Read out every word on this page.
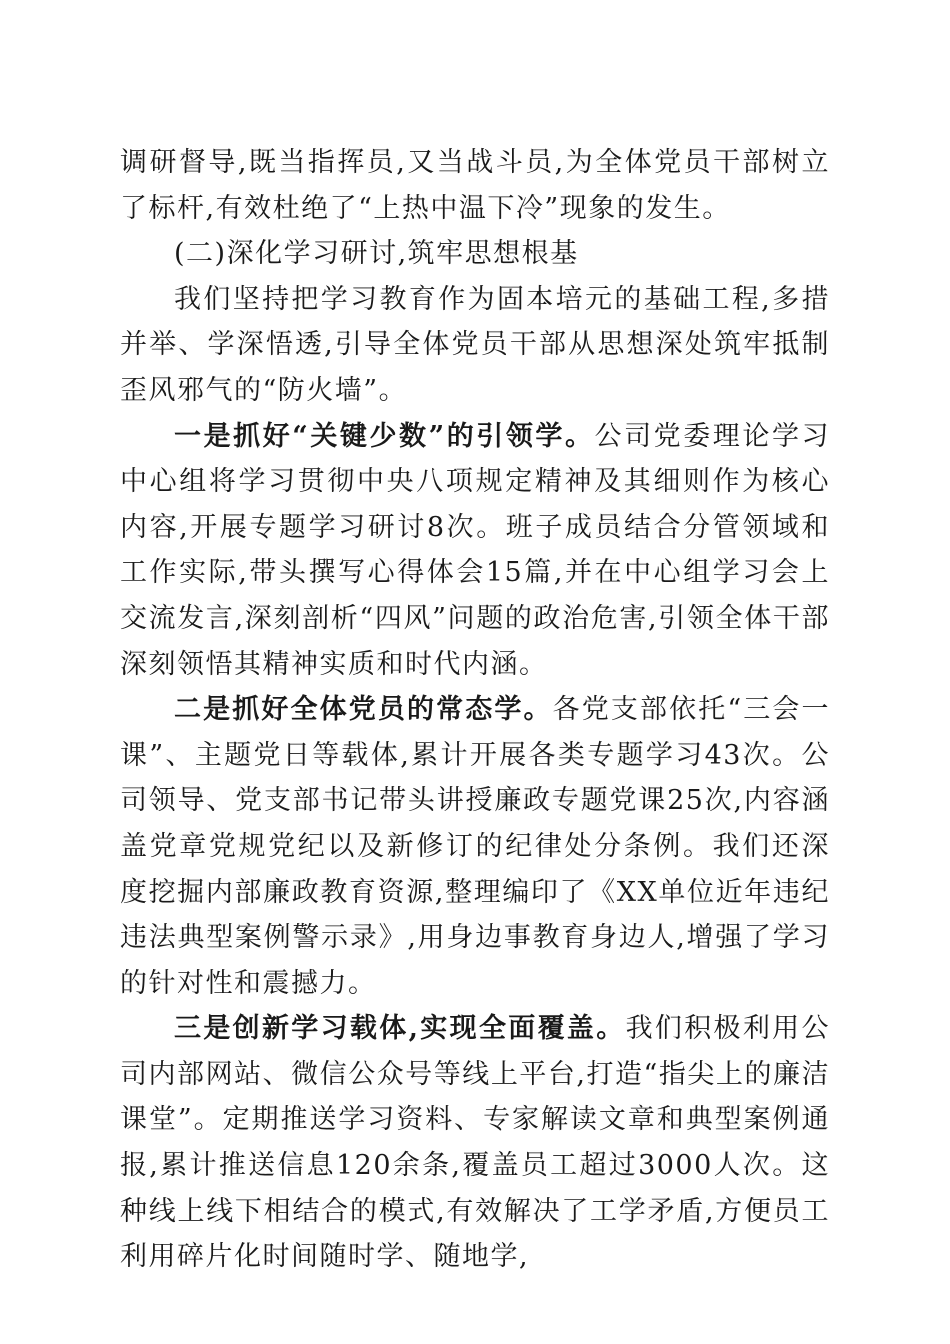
调研督导,既当指挥员,又当战斗员,为全体党员干部树立了标杆,有效杜绝了“上热中温下冷”现象的发生。

(二)深化学习研讨,筑牢思想根基

我们坚持把学习教育作为固本培元的基础工程,多措并举、学深悟透,引导全体党员干部从思想深处筑牢抵制歪风邪气的“防火墙”。

一是抓好“关键少数”的引领学。公司党委理论学习中心组将学习贯彻中央八项规定精神及其细则作为核心内容,开展专题学习研讨8次。班子成员结合分管领域和工作实际,带头撰写心得体会15篇,并在中心组学习会上交流发言,深刻剖析“四风”问题的政治危害,引领全体干部深刻领悟其精神实质和时代内涵。

二是抓好全体党员的常态学。各党支部依托“三会一课”、主题党日等载体,累计开展各类专题学习43次。公司领导、党支部书记带头讲授廉政专题党课25次,内容涵盖党章党规党纪以及新修订的纪律处分条例。我们还深度挖掘内部廉政教育资源,整理编印了《XX单位近年违纪违法典型案例警示录》,用身边事教育身边人,增强了学习的针对性和震撼力。

三是创新学习载体,实现全面覆盖。我们积极利用公司内部网站、微信公众号等线上平台,打造“指尖上的廉洁课堂”。定期推送学习资料、专家解读文章和典型案例通报,累计推送信息120余条,覆盖员工超过3000人次。这种线上线下相结合的模式,有效解决了工学矛盾,方便员工利用碎片化时间随时学、随地学,
